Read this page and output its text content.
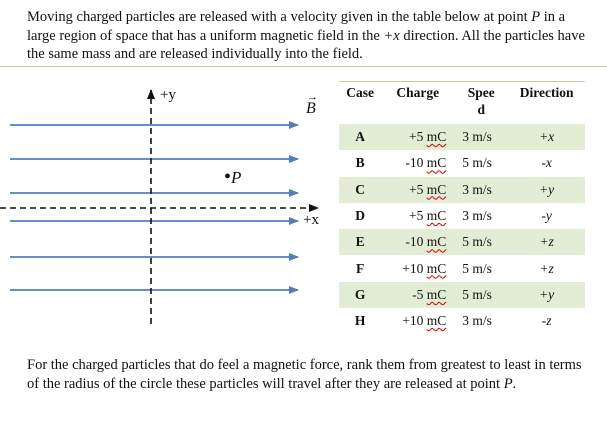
Moving charged particles are released with a velocity given in the table below at point P in a large region of space that has a uniform magnetic field in the +x direction. All the particles have the same mass and are released individually into the field.

→
B
+y
+x
•P
Case	Charge	Speed	Direction
A	+5 mC	3 m/s	+x
B	-10 mC	5 m/s	-x
C	+5 mC	3 m/s	+y
D	+5 mC	3 m/s	-y
E	-10 mC	5 m/s	+z
F	+10 mC	5 m/s	+z
G	-5 mC	5 m/s	+y
H	+10 mC	3 m/s	-z

For the charged particles that do feel a magnetic force, rank them from greatest to least in terms of the radius of the circle these particles will travel after they are released at point P.
